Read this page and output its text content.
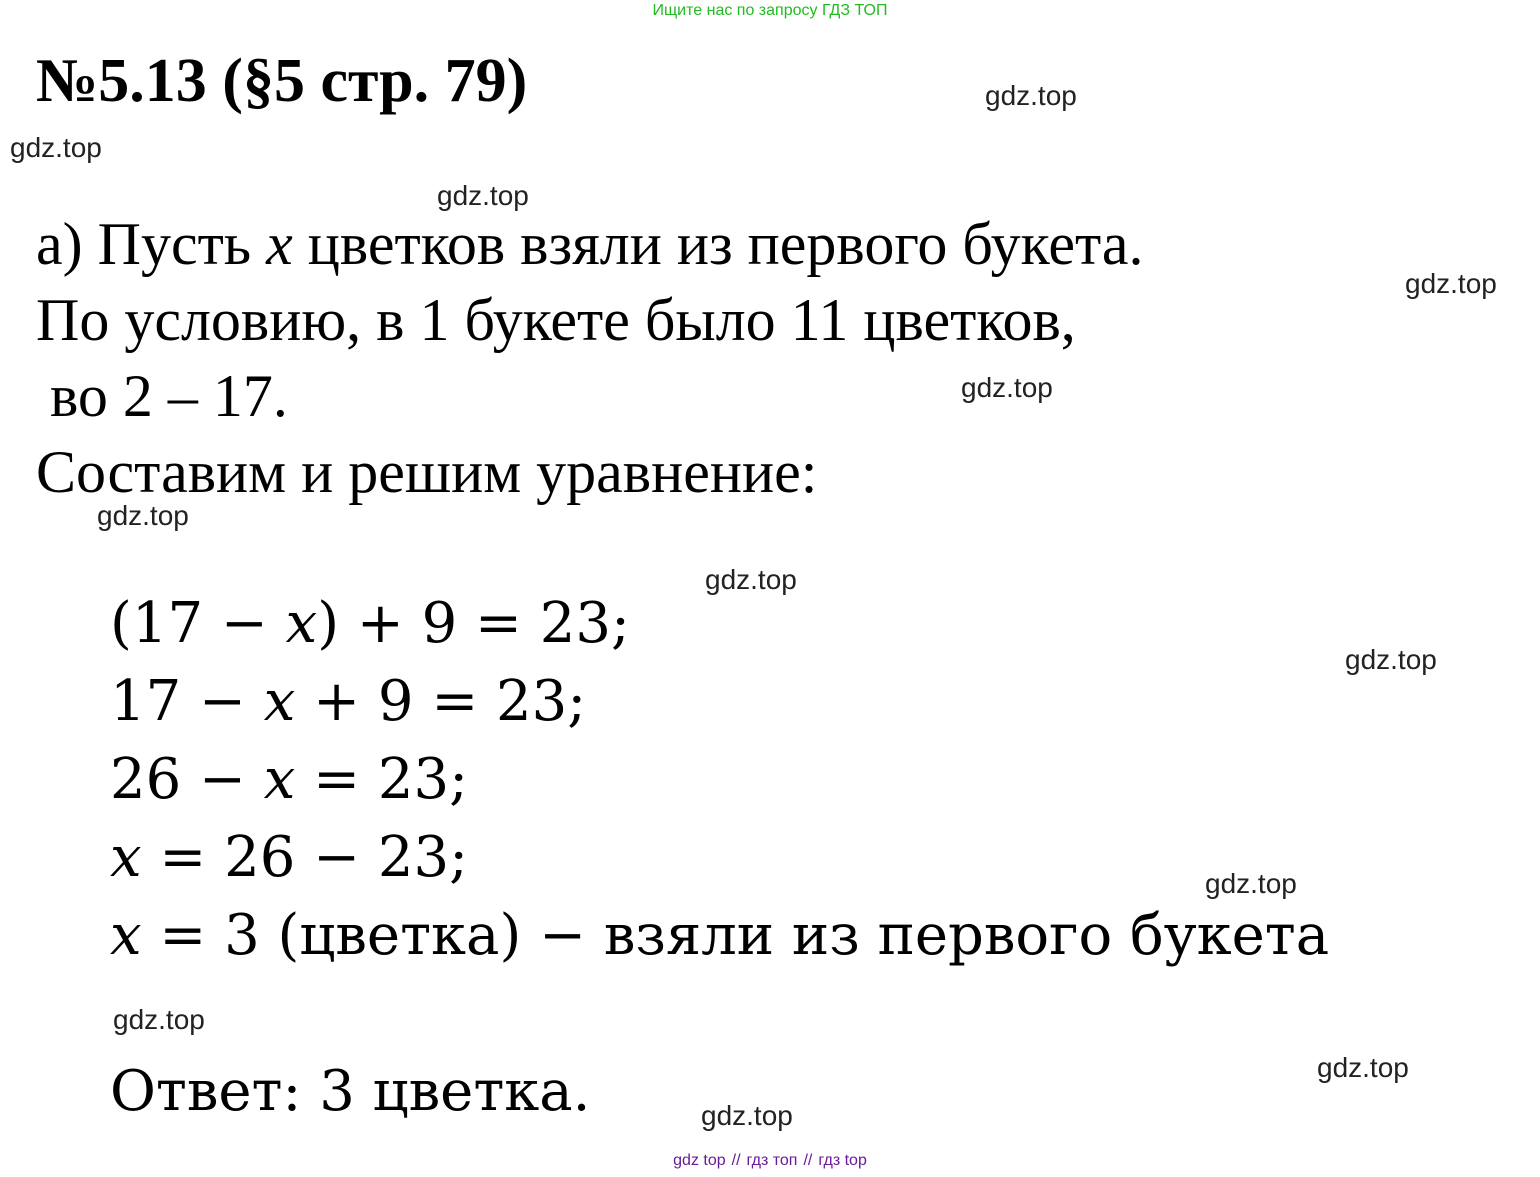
Ищите нас по запросу ГДЗ ТОП
№5.13 (§5 стр. 79)	gdz.top
gdz.top
gdz.top
gdz.top
gdz.top
gdz.top
gdz.top
gdz.top
gdz.top
gdz.top
gdz.top
gdz.top
а) Пусть x цветков взяли из первого букета.
По условию, в 1 букете было 11 цветков,
во 2 – 17.
Составим и решим уравнение:
(17 − x) + 9 = 23;
17 − x + 9 = 23;
26 − x = 23;
x = 26 − 23;
x = 3 (цветка) − взяли из первого букета
Ответ: 3 цветка.
gdz top // гдз топ // гдз top
